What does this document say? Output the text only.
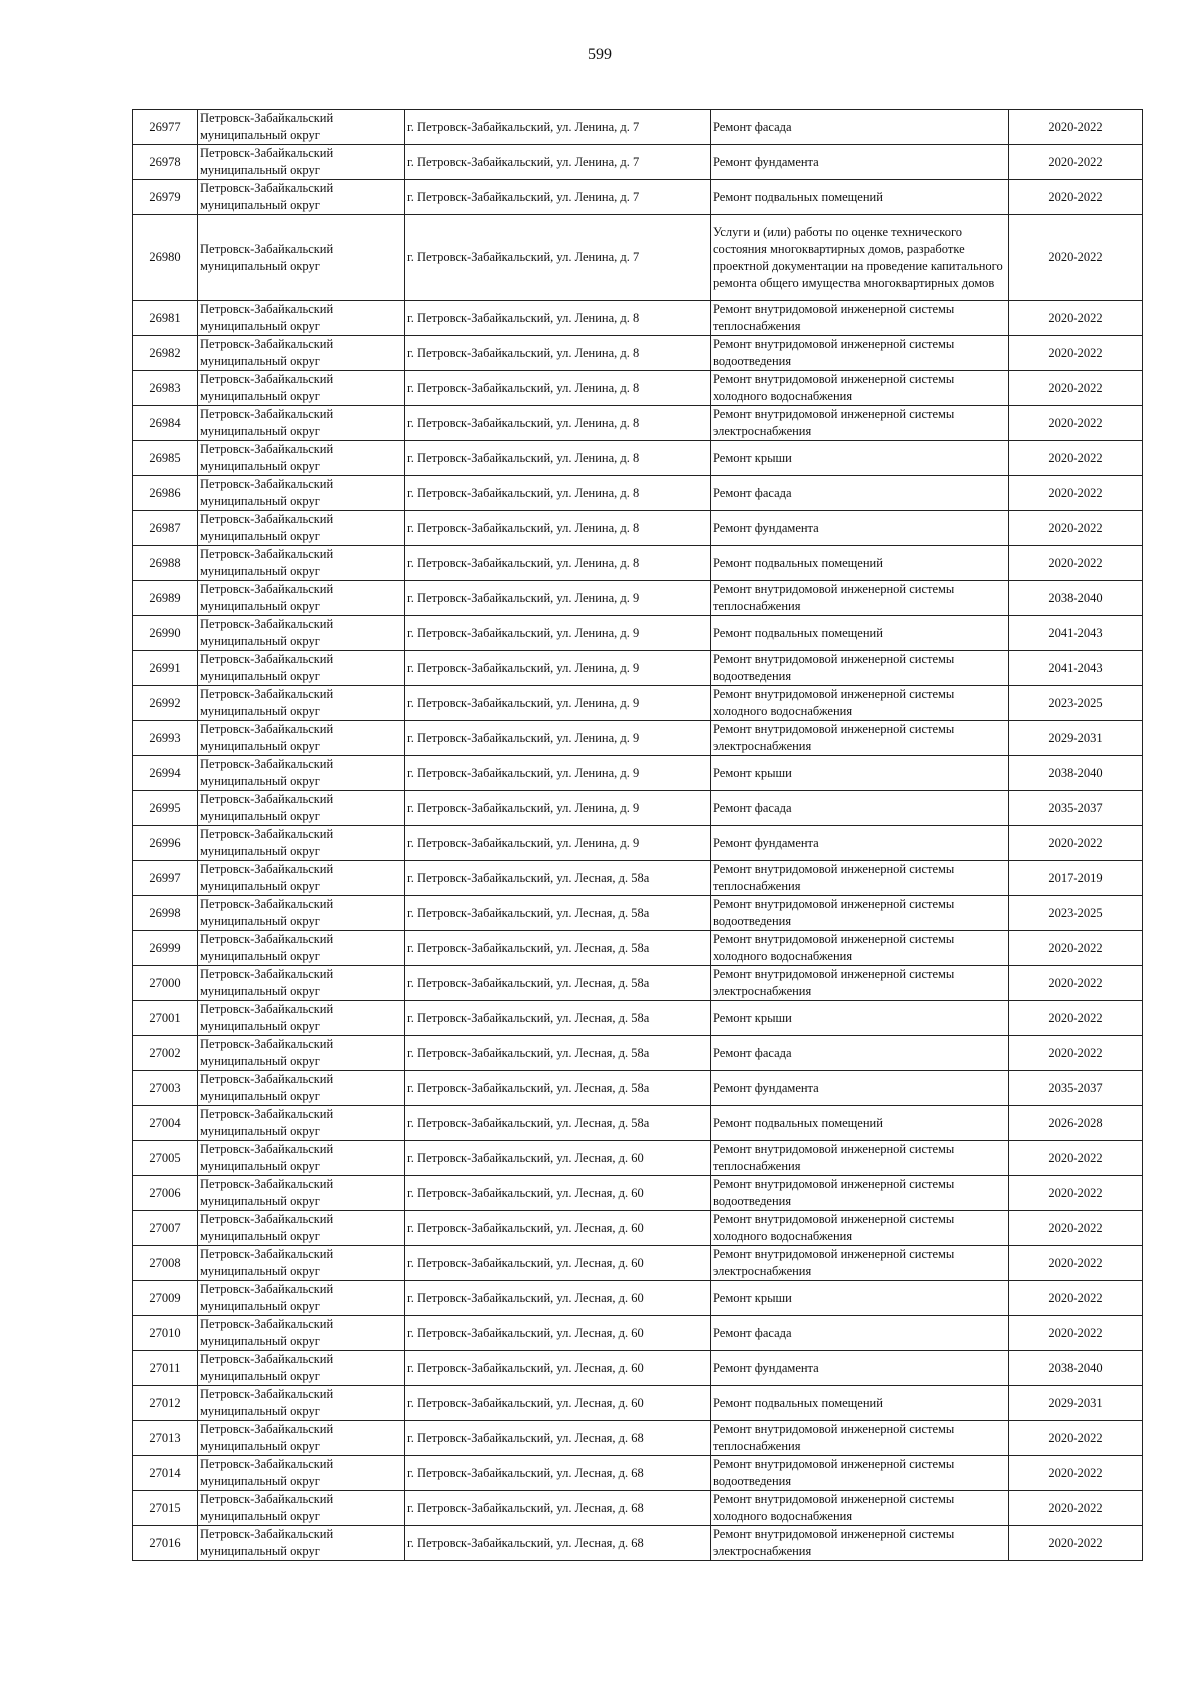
599
26977	Петровск-Забайкальский муниципальный округ	г. Петровск-Забайкальский, ул. Ленина, д. 7	Ремонт фасада	2020-2022
26978	Петровск-Забайкальский муниципальный округ	г. Петровск-Забайкальский, ул. Ленина, д. 7	Ремонт фундамента	2020-2022
26979	Петровск-Забайкальский муниципальный округ	г. Петровск-Забайкальский, ул. Ленина, д. 7	Ремонт подвальных помещений	2020-2022
26980	Петровск-Забайкальский муниципальный округ	г. Петровск-Забайкальский, ул. Ленина, д. 7	Услуги и (или) работы по оценке технического состояния многоквартирных домов, разработке проектной документации на проведение капитального ремонта общего имущества многоквартирных домов	2020-2022
26981	Петровск-Забайкальский муниципальный округ	г. Петровск-Забайкальский, ул. Ленина, д. 8	Ремонт внутридомовой инженерной системы теплоснабжения	2020-2022
26982	Петровск-Забайкальский муниципальный округ	г. Петровск-Забайкальский, ул. Ленина, д. 8	Ремонт внутридомовой инженерной системы водоотведения	2020-2022
26983	Петровск-Забайкальский муниципальный округ	г. Петровск-Забайкальский, ул. Ленина, д. 8	Ремонт внутридомовой инженерной системы холодного водоснабжения	2020-2022
26984	Петровск-Забайкальский муниципальный округ	г. Петровск-Забайкальский, ул. Ленина, д. 8	Ремонт внутридомовой инженерной системы электроснабжения	2020-2022
26985	Петровск-Забайкальский муниципальный округ	г. Петровск-Забайкальский, ул. Ленина, д. 8	Ремонт крыши	2020-2022
26986	Петровск-Забайкальский муниципальный округ	г. Петровск-Забайкальский, ул. Ленина, д. 8	Ремонт фасада	2020-2022
26987	Петровск-Забайкальский муниципальный округ	г. Петровск-Забайкальский, ул. Ленина, д. 8	Ремонт фундамента	2020-2022
26988	Петровск-Забайкальский муниципальный округ	г. Петровск-Забайкальский, ул. Ленина, д. 8	Ремонт подвальных помещений	2020-2022
26989	Петровск-Забайкальский муниципальный округ	г. Петровск-Забайкальский, ул. Ленина, д. 9	Ремонт внутридомовой инженерной системы теплоснабжения	2038-2040
26990	Петровск-Забайкальский муниципальный округ	г. Петровск-Забайкальский, ул. Ленина, д. 9	Ремонт подвальных помещений	2041-2043
26991	Петровск-Забайкальский муниципальный округ	г. Петровск-Забайкальский, ул. Ленина, д. 9	Ремонт внутридомовой инженерной системы водоотведения	2041-2043
26992	Петровск-Забайкальский муниципальный округ	г. Петровск-Забайкальский, ул. Ленина, д. 9	Ремонт внутридомовой инженерной системы холодного водоснабжения	2023-2025
26993	Петровск-Забайкальский муниципальный округ	г. Петровск-Забайкальский, ул. Ленина, д. 9	Ремонт внутридомовой инженерной системы электроснабжения	2029-2031
26994	Петровск-Забайкальский муниципальный округ	г. Петровск-Забайкальский, ул. Ленина, д. 9	Ремонт крыши	2038-2040
26995	Петровск-Забайкальский муниципальный округ	г. Петровск-Забайкальский, ул. Ленина, д. 9	Ремонт фасада	2035-2037
26996	Петровск-Забайкальский муниципальный округ	г. Петровск-Забайкальский, ул. Ленина, д. 9	Ремонт фундамента	2020-2022
26997	Петровск-Забайкальский муниципальный округ	г. Петровск-Забайкальский, ул. Лесная, д. 58а	Ремонт внутридомовой инженерной системы теплоснабжения	2017-2019
26998	Петровск-Забайкальский муниципальный округ	г. Петровск-Забайкальский, ул. Лесная, д. 58а	Ремонт внутридомовой инженерной системы водоотведения	2023-2025
26999	Петровск-Забайкальский муниципальный округ	г. Петровск-Забайкальский, ул. Лесная, д. 58а	Ремонт внутридомовой инженерной системы холодного водоснабжения	2020-2022
27000	Петровск-Забайкальский муниципальный округ	г. Петровск-Забайкальский, ул. Лесная, д. 58а	Ремонт внутридомовой инженерной системы электроснабжения	2020-2022
27001	Петровск-Забайкальский муниципальный округ	г. Петровск-Забайкальский, ул. Лесная, д. 58а	Ремонт крыши	2020-2022
27002	Петровск-Забайкальский муниципальный округ	г. Петровск-Забайкальский, ул. Лесная, д. 58а	Ремонт фасада	2020-2022
27003	Петровск-Забайкальский муниципальный округ	г. Петровск-Забайкальский, ул. Лесная, д. 58а	Ремонт фундамента	2035-2037
27004	Петровск-Забайкальский муниципальный округ	г. Петровск-Забайкальский, ул. Лесная, д. 58а	Ремонт подвальных помещений	2026-2028
27005	Петровск-Забайкальский муниципальный округ	г. Петровск-Забайкальский, ул. Лесная, д. 60	Ремонт внутридомовой инженерной системы теплоснабжения	2020-2022
27006	Петровск-Забайкальский муниципальный округ	г. Петровск-Забайкальский, ул. Лесная, д. 60	Ремонт внутридомовой инженерной системы водоотведения	2020-2022
27007	Петровск-Забайкальский муниципальный округ	г. Петровск-Забайкальский, ул. Лесная, д. 60	Ремонт внутридомовой инженерной системы холодного водоснабжения	2020-2022
27008	Петровск-Забайкальский муниципальный округ	г. Петровск-Забайкальский, ул. Лесная, д. 60	Ремонт внутридомовой инженерной системы электроснабжения	2020-2022
27009	Петровск-Забайкальский муниципальный округ	г. Петровск-Забайкальский, ул. Лесная, д. 60	Ремонт крыши	2020-2022
27010	Петровск-Забайкальский муниципальный округ	г. Петровск-Забайкальский, ул. Лесная, д. 60	Ремонт фасада	2020-2022
27011	Петровск-Забайкальский муниципальный округ	г. Петровск-Забайкальский, ул. Лесная, д. 60	Ремонт фундамента	2038-2040
27012	Петровск-Забайкальский муниципальный округ	г. Петровск-Забайкальский, ул. Лесная, д. 60	Ремонт подвальных помещений	2029-2031
27013	Петровск-Забайкальский муниципальный округ	г. Петровск-Забайкальский, ул. Лесная, д. 68	Ремонт внутридомовой инженерной системы теплоснабжения	2020-2022
27014	Петровск-Забайкальский муниципальный округ	г. Петровск-Забайкальский, ул. Лесная, д. 68	Ремонт внутридомовой инженерной системы водоотведения	2020-2022
27015	Петровск-Забайкальский муниципальный округ	г. Петровск-Забайкальский, ул. Лесная, д. 68	Ремонт внутридомовой инженерной системы холодного водоснабжения	2020-2022
27016	Петровск-Забайкальский муниципальный округ	г. Петровск-Забайкальский, ул. Лесная, д. 68	Ремонт внутридомовой инженерной системы электроснабжения	2020-2022
